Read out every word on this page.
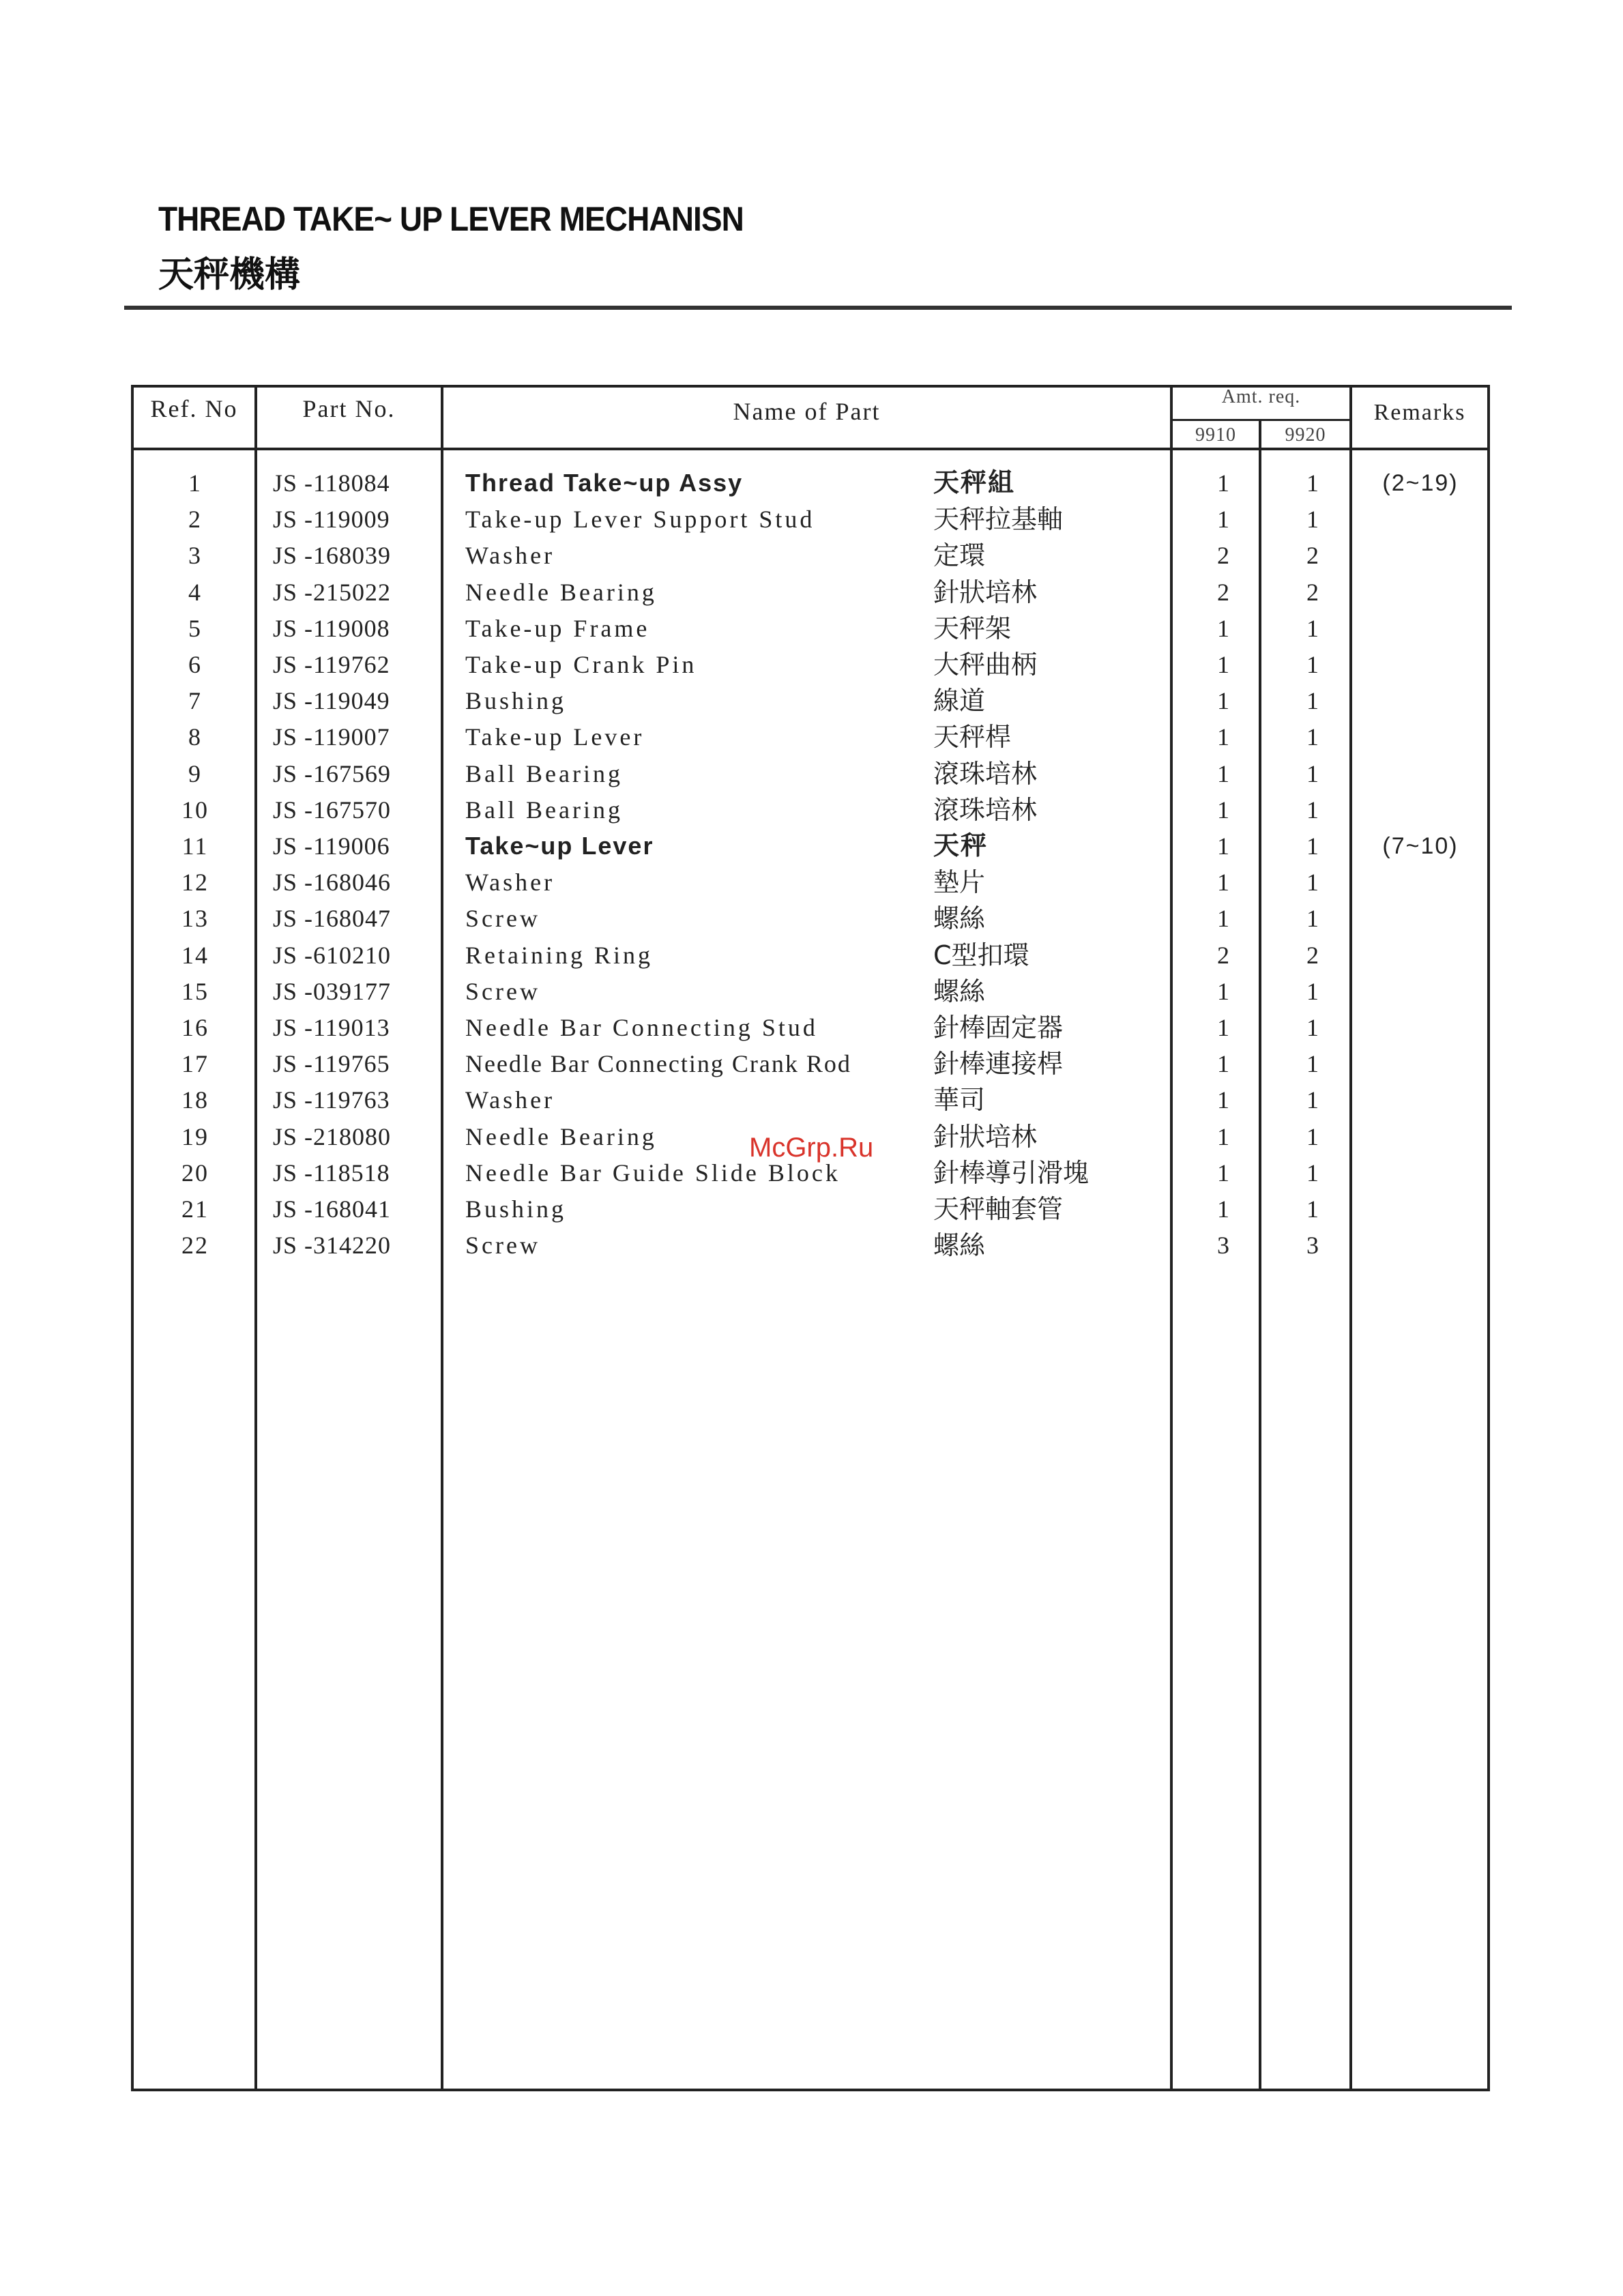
THREAD TAKE~ UP LEVER MECHANISN
天秤機構
Ref. No	Part No.	Name of Part
Amt. req.
9910	9920
Remarks
1	JS -118084	Thread Take~up Assy	天秤組	1	1	(2~19)
2	JS -119009	Take-up Lever Support Stud	天秤拉基軸	1	1
3	JS -168039	Washer	定環	2	2
4	JS -215022	Needle Bearing	針狀培林	2	2
5	JS -119008	Take-up Frame	天秤架	1	1
6	JS -119762	Take-up Crank Pin	大秤曲柄	1	1
7	JS -119049	Bushing	線道	1	1
8	JS -119007	Take-up Lever	天秤桿	1	1
9	JS -167569	Ball Bearing	滾珠培林	1	1
10	JS -167570	Ball Bearing	滾珠培林	1	1
11	JS -119006	Take~up Lever	天秤	1	1	(7~10)
12	JS -168046	Washer	墊片	1	1
13	JS -168047	Screw	螺絲	1	1
14	JS -610210	Retaining Ring	C型扣環	2	2
15	JS -039177	Screw	螺絲	1	1
16	JS -119013	Needle Bar Connecting Stud	針棒固定器	1	1
17	JS -119765	Needle Bar Connecting Crank Rod	針棒連接桿	1	1
18	JS -119763	Washer	華司	1	1
19	JS -218080	Needle Bearing	針狀培林	1	1
20	JS -118518	Needle Bar Guide Slide Block	針棒導引滑塊	1	1
21	JS -168041	Bushing	天秤軸套管	1	1
22	JS -314220	Screw	螺絲	3	3
McGrp.Ru
